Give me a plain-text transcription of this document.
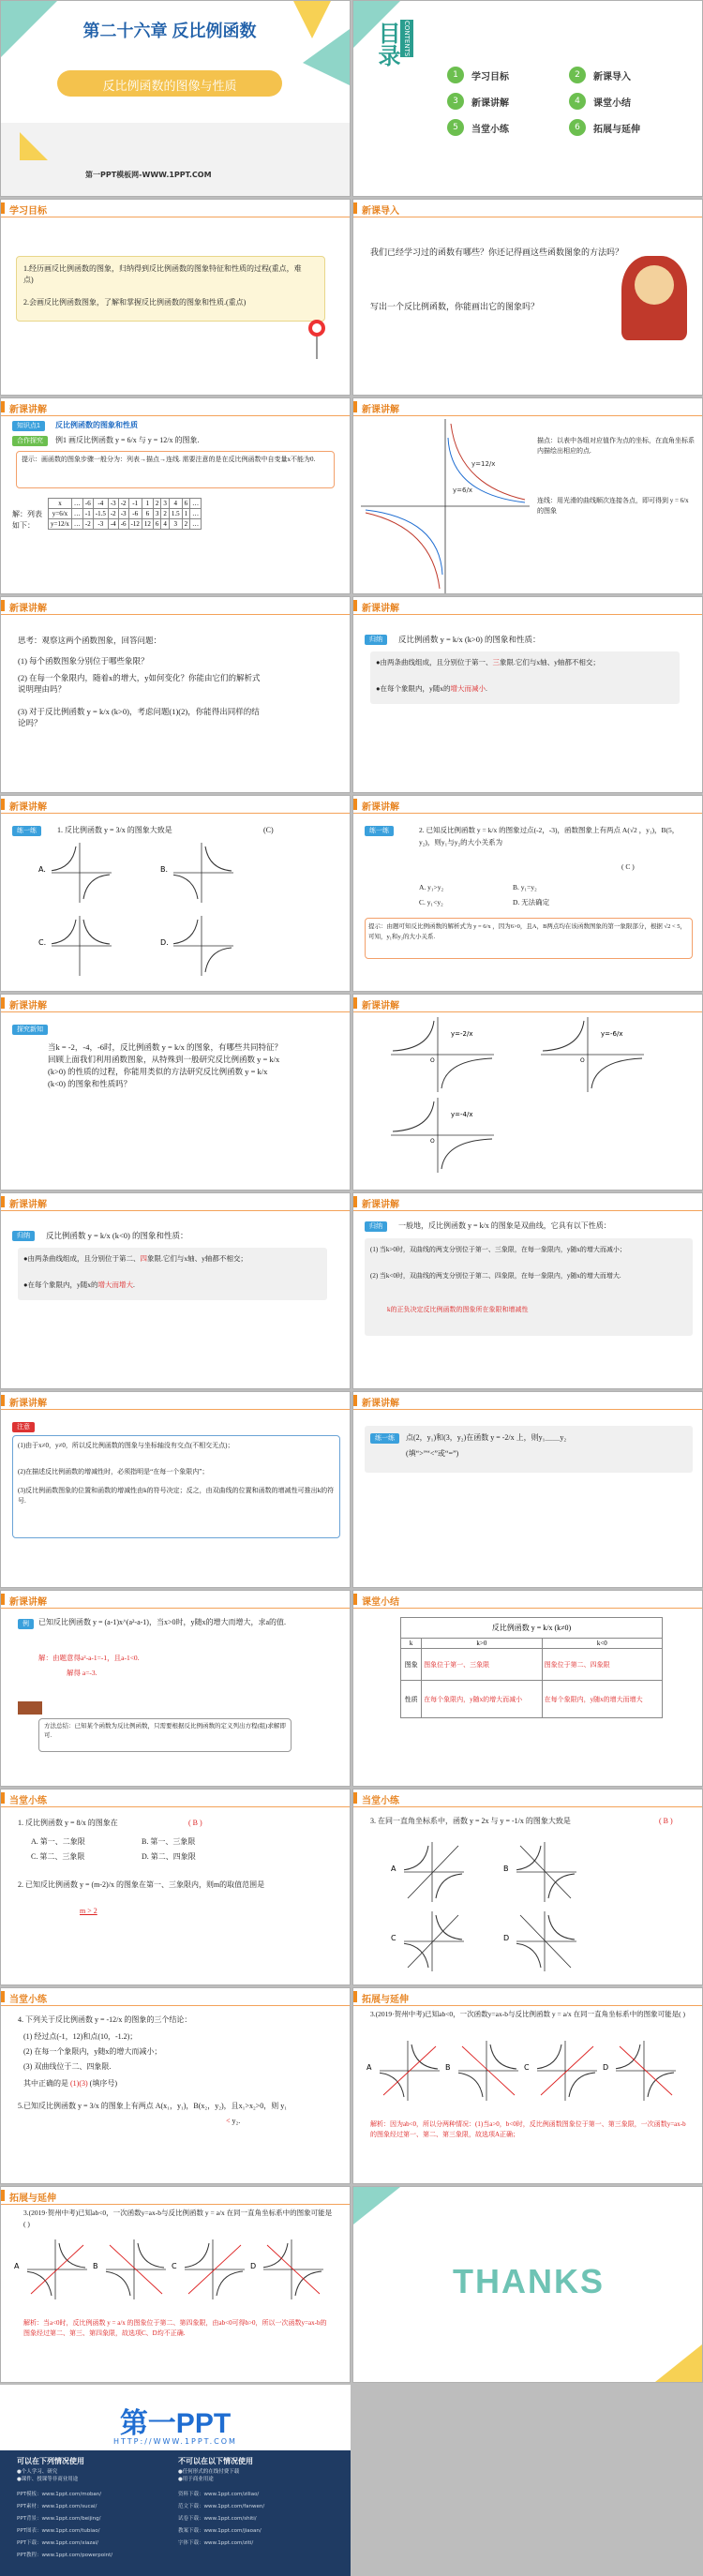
第二十六章 反比例函数
反比例函数的图像与性质
第一PPT模板网-WWW.1PPT.COM
目录 CONTENTS
1	学习目标	2	新课导入
3	新课讲解	4	课堂小结
5	当堂小练	6	拓展与延伸
学习目标
1.经历画反比例函数的图象，归纳得到反比例函数的图象特征和性质的过程(重点，难点)
2.会画反比例函数图象，了解和掌握反比例函数的图象和性质.(重点)
新课导入
我们已经学习过的函数有哪些？你还记得画这些函数图象的方法吗？
写出一个反比例函数，你能画出它的图象吗？
新课讲解
知识点1	反比例函数的图象和性质
合作探究	例1 画反比例函数 y = 6/x 与 y = 12/x 的图象.
提示：画函数的图象步骤一般分为：列表→描点→连线. 需要注意的是在反比例函数中自变量x不能为0.
解：列表如下：
x	…	-6	-4	-3	-2	-1	1	2	3	4	6	…
y=6/x	…	-1	-1.5	-2	-3	-6	6	3	2	1.5	1	…
y=12/x	…	-2	-3	-4	-6	-12	12	6	4	3	2	…
新课讲解
y=12/x
y=6/x
描点：以表中各组对应值作为点的坐标，在直角坐标系内描绘出相应的点.
连线：用光滑的曲线顺次连接各点，即可得到 y = 6/x 的图象
新课讲解
思考：观察这两个函数图象，回答问题：
(1) 每个函数图象分别位于哪些象限？
(2) 在每一个象限内，随着x的增大，y如何变化？你能由它们的解析式说明理由吗？
(3) 对于反比例函数 y = k/x (k>0)，考虑问题(1)(2)，你能得出同样的结论吗？
新课讲解
归纳	反比例函数 y = k/x (k>0) 的图象和性质：
●由两条曲线组成，且分别位于第一、三象限.它们与x轴、y轴都不相交；
●在每个象限内，y随x的增大而减小.
新课讲解
练一练	1. 反比例函数 y = 3/x 的图象大致是	(C)
A.	B.
C.	D.
新课讲解
练一练	2. 已知反比例函数 y = k/x 的图象过点(-2，-3)，函数图象上有两点 A(√2 ，y₁)，B(5，y₂)，则y₁与y₂的大小关系为
( C )
A. y₁>y₂	B. y₁=y₂
C. y₁<y₂	D. 无法确定
提示：由题可知反比例函数的解析式为 y = 6/x ，因为6>0，且A，B两点均在该函数图象的第一象限部分，根据 √2 < 5，可知，y₁和y₂的大小关系.
新课讲解
探究新知
当k = -2，-4，-6时，反比例函数 y = k/x 的图象，有哪些共同特征？回顾上面我们利用函数图象，从特殊到一般研究反比例函数 y = k/x (k>0) 的性质的过程，你能用类似的方法研究反比例函数 y = k/x (k<0) 的图象和性质吗？
新课讲解
y=-2/x
O
y=-6/x
O
y=-4/x
O
新课讲解
归纳	反比例函数 y = k/x (k<0) 的图象和性质：
●由两条曲线组成，且分别位于第二、四象限.它们与x轴、y轴都不相交；
●在每个象限内，y随x的增大而增大.
新课讲解
归纳	一般地，反比例函数 y = k/x 的图象是双曲线，它具有以下性质：
(1) 当k>0时，双曲线的两支分别位于第一、三象限，在每一象限内，y随x的增大而减小；
(2) 当k<0时，双曲线的两支分别位于第二、四象限，在每一象限内，y随x的增大而增大.
k的正负决定反比例函数的图象所在象限和增减性
新课讲解
注意
(1)由于x≠0，y≠0，所以反比例函数的图象与坐标轴没有交点(不相交无点)；
(2)在描述反比例函数的增减性时，必须指明是“在每一个象限内”；
(3)反比例函数图象的位置和函数的增减性由k的符号决定；反之，由双曲线的位置和函数的增减性可推出k的符号.
新课讲解
练一练	点(2，y₁)和(3，y₂)在函数 y = -2/x 上，则y₁＿＿y₂
(填“>”“<”或“=”)
新课讲解
例	已知反比例函数 y = (a-1)x^(a²-a-1)，当x>0时，y随x的增大而增大，求a的值.
解：由题意得a²-a-1=-1，且a-1<0.
解得 a=-3.
方法总结：已知某个函数为反比例函数，只需要根据反比例函数的定义列出方程(组)求解即可.
课堂小结
反比例函数 y = k/x (k≠0)		
k	k>0	k<0
图象	图象位于第一、三象限	图象位于第二、四象限
性质	在每个象限内，y随x的增大而减小	在每个象限内，y随x的增大而增大
当堂小练
1. 反比例函数 y = 8/x 的图象在	( B )
A. 第一、二象限	B. 第一、三象限
C. 第二、三象限	D. 第二、四象限
2. 已知反比例函数 y = (m-2)/x 的图象在第一、三象限内，则m的取值范围是
m > 2
当堂小练
3. 在同一直角坐标系中，函数 y = 2x 与 y = -1/x 的图象大致是	( B )
A	B
C	D
当堂小练
4. 下列关于反比例函数 y = -12/x 的图象的三个结论：
(1) 经过点(-1，12)和点(10，-1.2)；
(2) 在每一个象限内，y随x的增大而减小；
(3) 双曲线位于二、四象限.
其中正确的是 (1)(3) (填序号)
5.已知反比例函数 y = 3/x 的图象上有两点 A(x₁，y₁)，B(x₂，y₂)，且x₁>x₂>0，则 y₁
< y₂.
拓展与延伸
3.(2019·贺州中考)已知ab<0，一次函数y=ax-b与反比例函数 y = a/x 在同一直角坐标系中的图象可能是( )
解析：因为ab<0，所以分两种情况：(1)当a>0，b<0时，反比例函数图象位于第一、第三象限，一次函数y=ax-b的图象经过第一、第二、第三象限，故选项A正确；
A	B	C	D
拓展与延伸
3.(2019·贺州中考)已知ab<0，一次函数y=ax-b与反比例函数 y = a/x 在同一直角坐标系中的图象可能是( )
解析：当a<0时，反比例函数 y = a/x 的图象位于第二、第四象限，由ab<0可得b>0，所以一次函数y=ax-b的图象经过第二、第三、第四象限，故选项C、D均不正确.
A	B	C	D	THANKS
第一PPT
HTTP://WWW.1PPT.COM
可以在下列情况使用
●个人学习、研究
●课件、授课等非商业用途
不可以在以下情况使用
●任何形式的在线付费下载
●用于商业用途
PPT模板：www.1ppt.com/moban/
PPT素材：www.1ppt.com/sucai/
PPT背景：www.1ppt.com/beijing/
PPT图表：www.1ppt.com/tubiao/
PPT下载：www.1ppt.com/xiazai/
PPT教程：www.1ppt.com/powerpoint/
资料下载：www.1ppt.com/ziliao/
范文下载：www.1ppt.com/fanwen/
试卷下载：www.1ppt.com/shiti/
教案下载：www.1ppt.com/jiaoan/
字体下载：www.1ppt.com/ziti/
